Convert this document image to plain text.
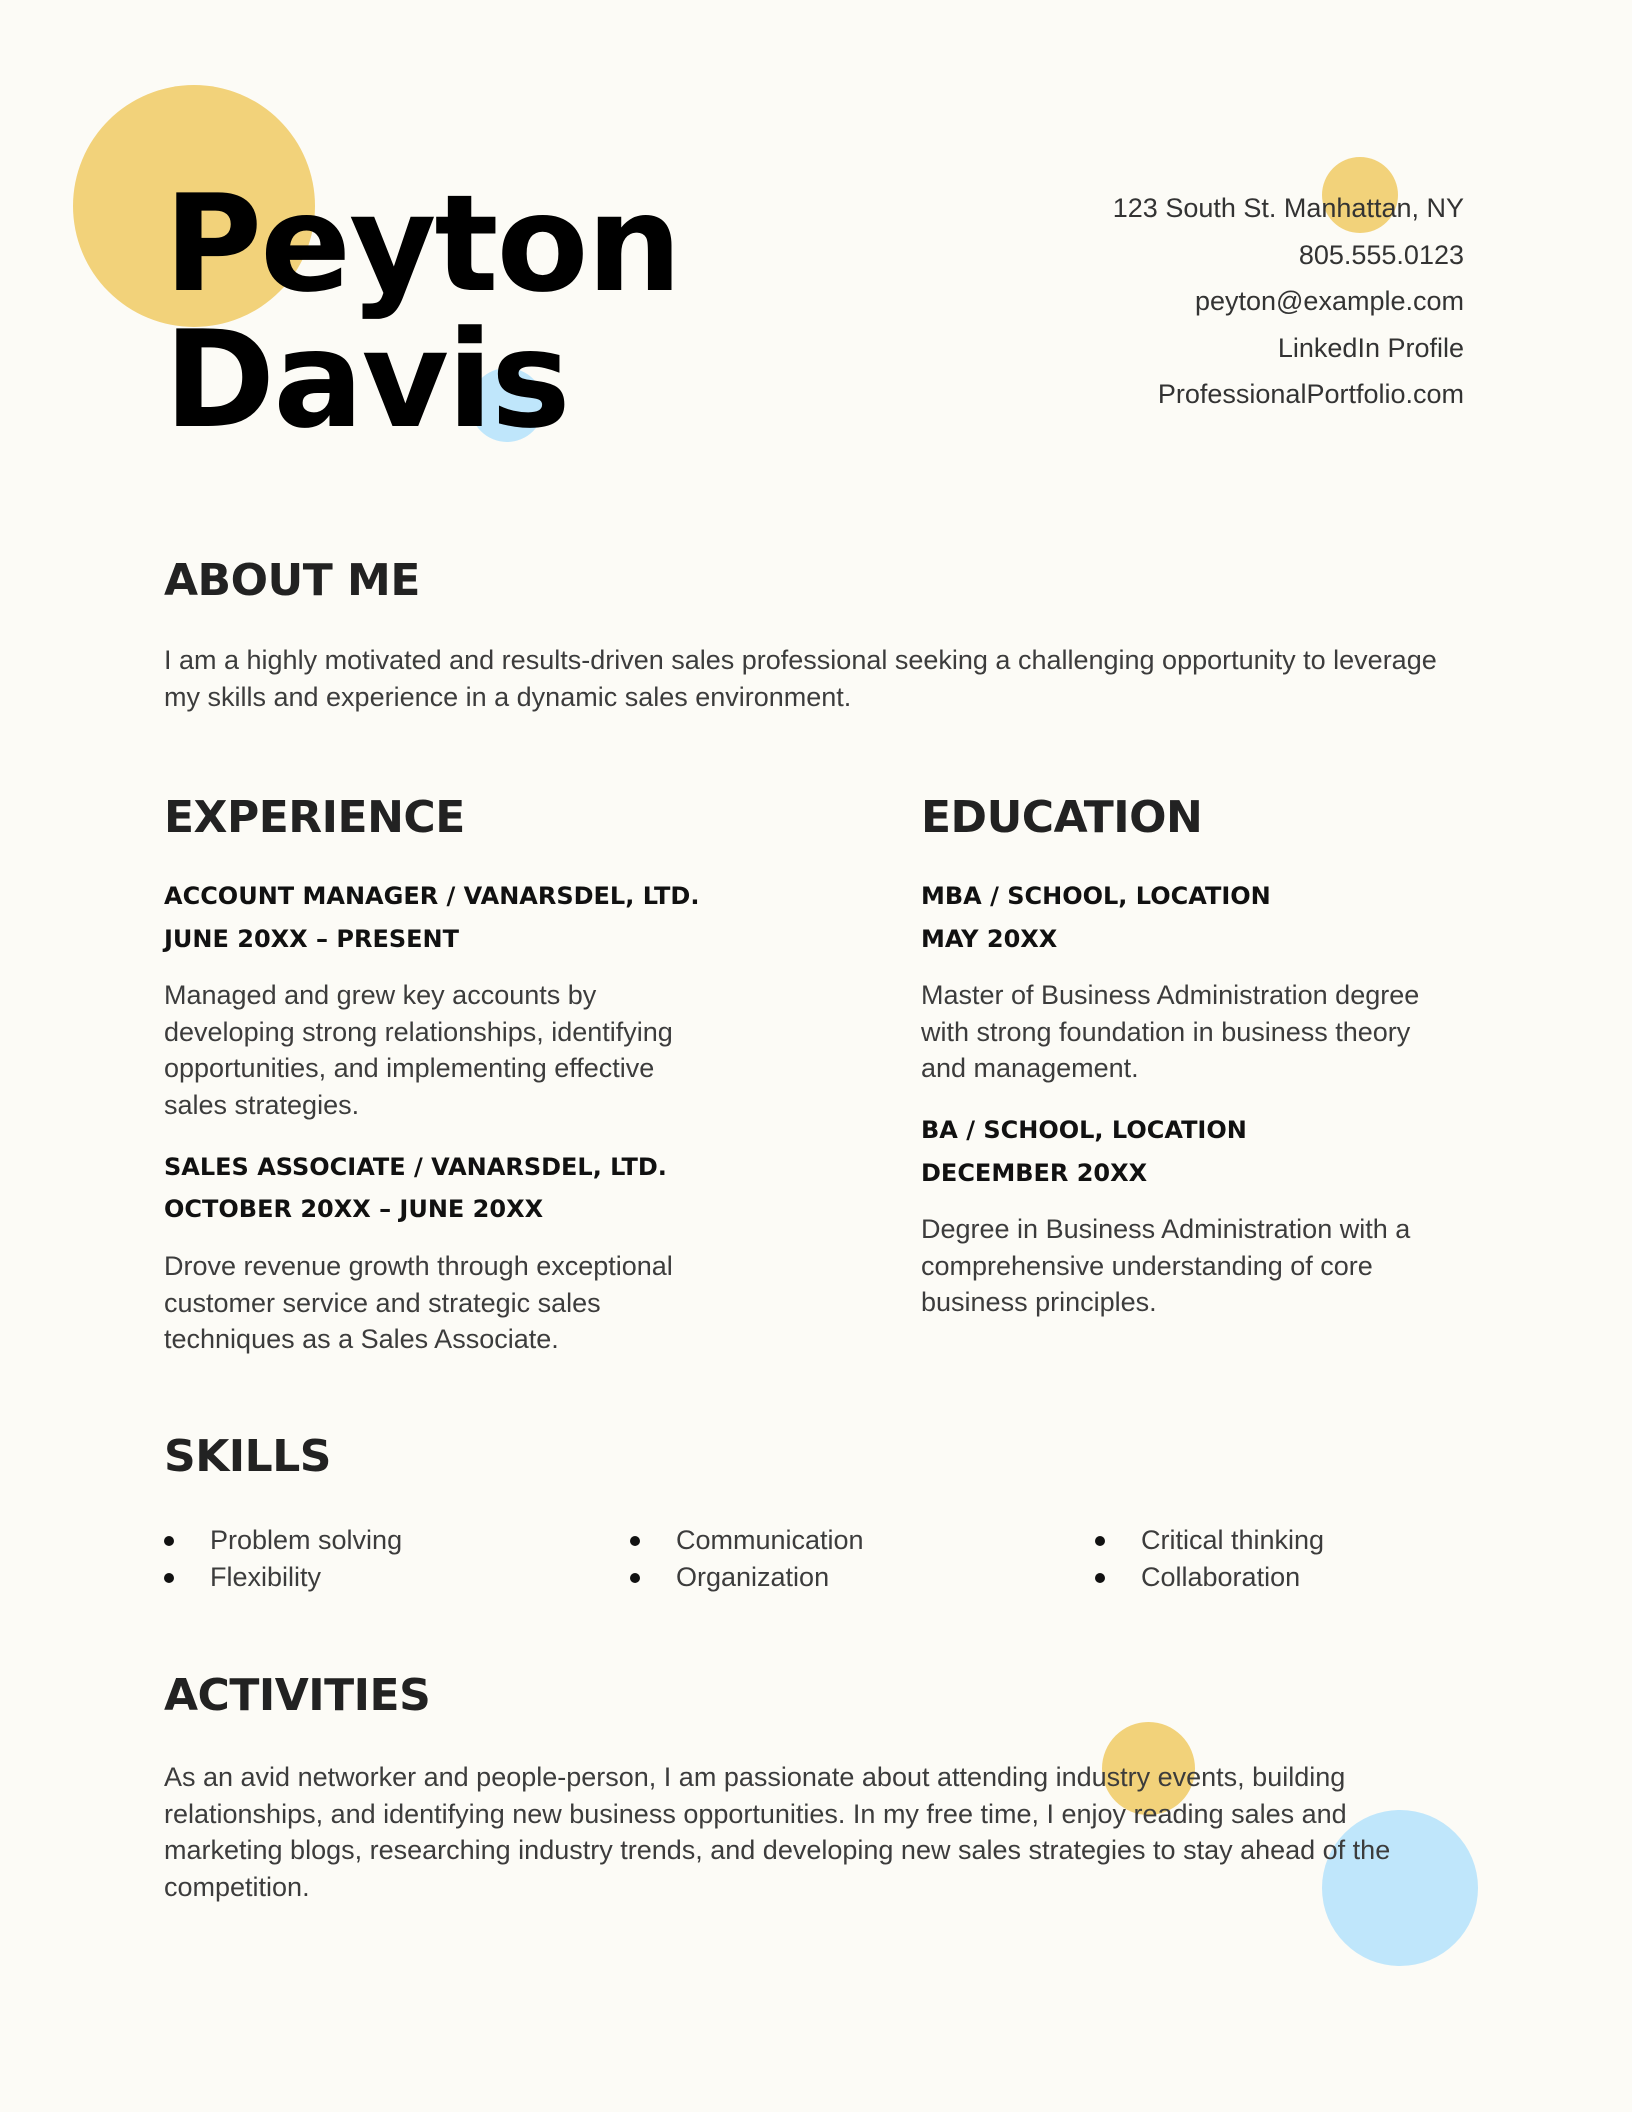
Peyton
Davis
123 South St. Manhattan, NY
805.555.0123
peyton@example.com
LinkedIn Profile
ProfessionalPortfolio.com
ABOUT ME

I am a highly motivated and results-driven sales professional seeking a challenging opportunity to leverage my skills and experience in a dynamic sales environment.

EXPERIENCE
ACCOUNT MANAGER / VANARSDEL, LTD.
JUNE 20XX – PRESENT

Managed and grew key accounts by developing strong relationships, identifying opportunities, and implementing effective sales strategies.

SALES ASSOCIATE / VANARSDEL, LTD.
OCTOBER 20XX – JUNE 20XX

Drove revenue growth through exceptional customer service and strategic sales techniques as a Sales Associate.

EDUCATION
MBA / SCHOOL, LOCATION
MAY 20XX

Master of Business Administration degree with strong foundation in business theory and management.

BA / SCHOOL, LOCATION
DECEMBER 20XX

Degree in Business Administration with a comprehensive understanding of core business principles.

SKILLS
Problem solving
Flexibility
Communication
Organization
Critical thinking
Collaboration
ACTIVITIES

As an avid networker and people-person, I am passionate about attending industry events, building relationships, and identifying new business opportunities. In my free time, I enjoy reading sales and marketing blogs, researching industry trends, and developing new sales strategies to stay ahead of the competition.
